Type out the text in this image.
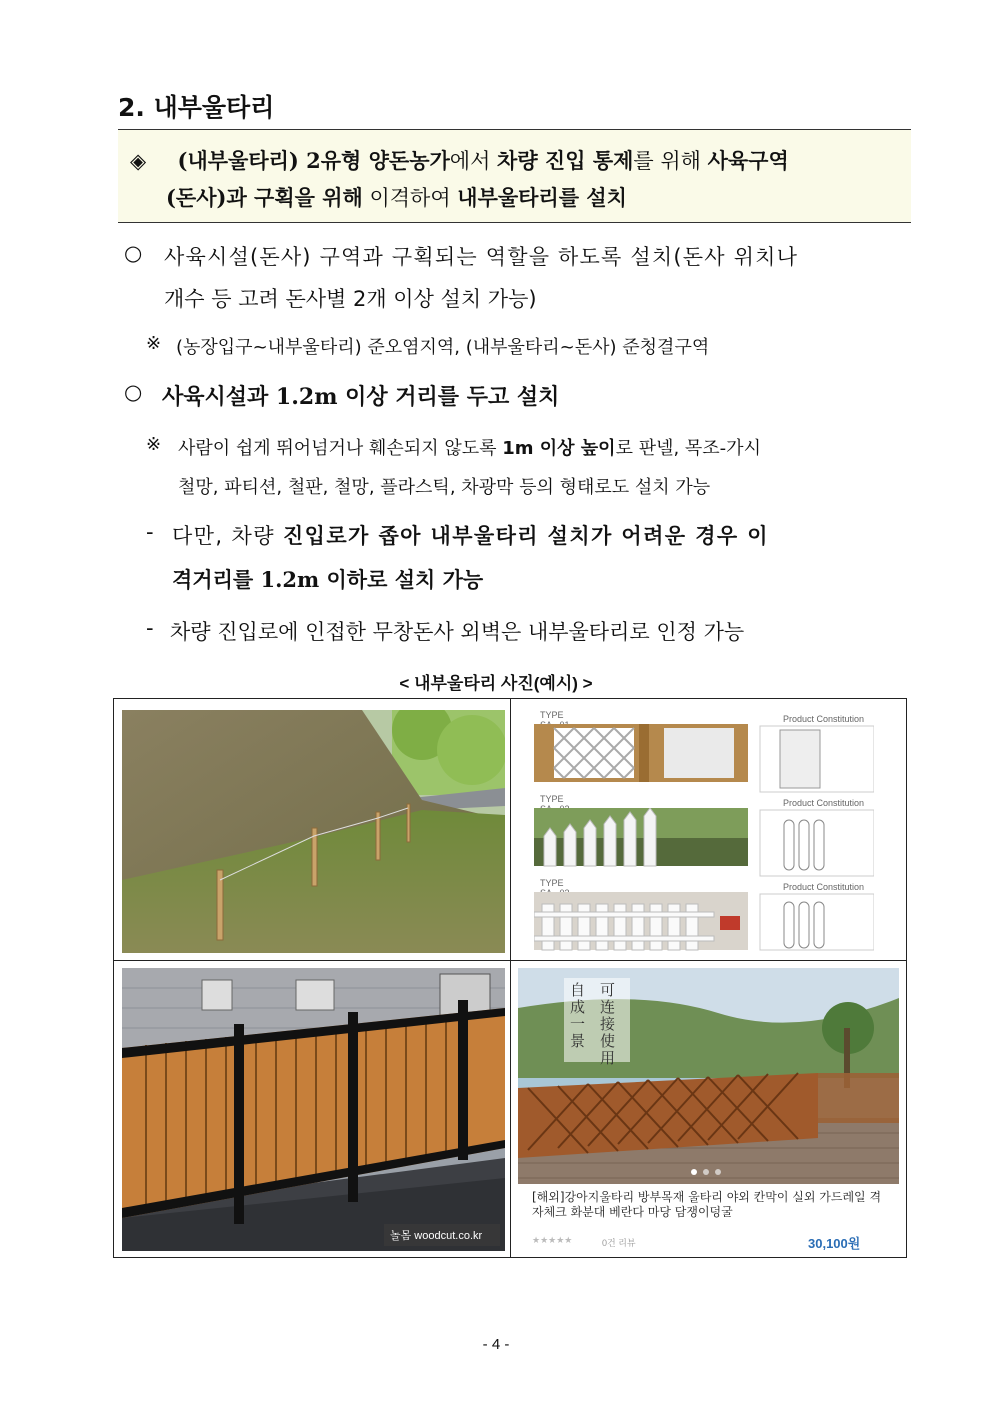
2. 내부울타리
◈ (내부울타리) 2유형 양돈농가에서 차량 진입 통제를 위해 사육구역
(돈사)과 구획을 위해 이격하여 내부울타리를 설치
○ 사육시설(돈사) 구역과 구획되는 역할을 하도록 설치(돈사 위치나
개수 등 고려 돈사별 2개 이상 설치 가능)
※ (농장입구~내부울타리) 준오염지역, (내부울타리~돈사) 준청결구역
○ 사육시설과 1.2m 이상 거리를 두고 설치
※ 사람이 쉽게 뛰어넘거나 훼손되지 않도록 1m 이상 높이로 판넬, 목조-가시
철망, 파티션, 철판, 철망, 플라스틱, 차광막 등의 형태로도 설치 가능
- 다만, 차량 진입로가 좁아 내부울타리 설치가 어려운 경우 이
격거리를 1.2m 이하로 설치 가능
- 차량 진입로에 인접한 무창돈사 외벽은 내부울타리로 인정 가능
< 내부울타리 사진(예시) >
TYPE	Product Constitution
TYPE	Product Constitution
TYPE	Product Constitution
놀몸 woodcut.co.kr
自成一景
可连接使用
[해외]강아지울타리 방부목재 울타리 야외 칸막이 실외 가드레일 격자체크 화분대 베란다 마당 담쟁이덩굴
★★★★★	0건 리뷰	30,100원
- 4 -
